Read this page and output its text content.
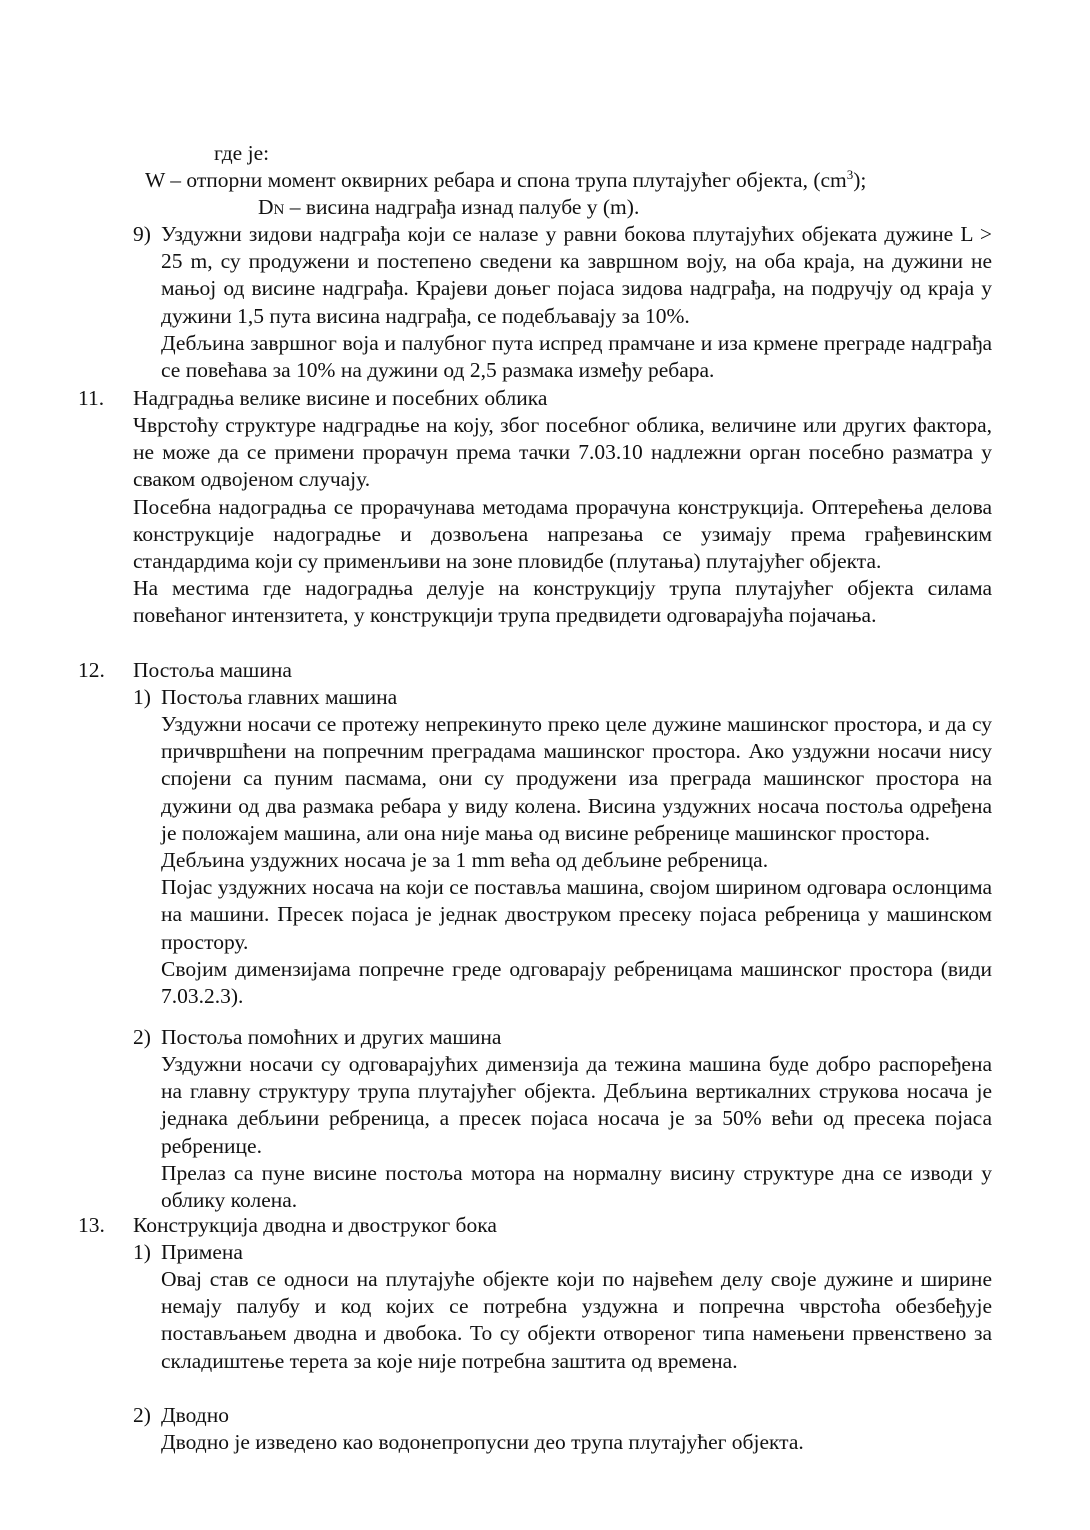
где је:
W – отпорни момент оквирних ребара и спона трупа плутајућег објекта, $(cm^3)$;
DN – висина надграђа изнад палубе у (m).
9) Уздужни зидови надграђа који се налазе у равни бокова плутајућих објеката дужине L > 25 m, су продужени и постепено сведени ка завршном воју, на оба краја, на дужини не мањој од висине надграђа. Крајеви доњег појаса зидова надграђа, на подручју од краја у дужини 1,5 пута висина надграђа, се подебљавају за 10%.

Дебљина завршног воја и палубног пута испред прамчане и иза крмене преграде надграђа се повећава за 10% на дужини од 2,5 размака између ребара.

11. Надградња велике висине и посебних облика

Чврстоћу структуре надградње на коју, због посебног облика, величине или других фактора, не може да се примени прорачун према тачки 7.03.10 надлежни орган посебно разматра у сваком одвојеном случају.

Посебна надоградња се прорачунава методама прорачуна конструкција. Оптерећења делова конструкције надоградње и дозвољена напрезања се узимају према грађевинским стандардима који су применљиви на зоне пловидбе (плутања) плутајућег објекта.

На местима где надоградња делује на конструкцију трупа плутајућег објекта силама повећаног интензитета, у конструкцији трупа предвидети одговарајућа појачања.

12. Постоља машина
1) Постоља главних машина

Уздужни носачи се протежу непрекинуто преко целе дужине машинског простора, и да су причвршћени на попречним преградама машинског простора. Ако уздужни носачи нису спојени са пуним пасмама, они су продужени иза преграда машинског простора на дужини од два размака ребара у виду колена. Висина уздужних носача постоља одређена је положајем машина, али она није мања од висине ребренице машинског простора.

Дебљина уздужних носача је за 1 mm већа од дебљине ребреница.

Појас уздужних носача на који се поставља машина, својом ширином одговара ослонцима на машини. Пресек појаса је једнак двоструком пресеку појаса ребреница у машинском простору.

Својим димензијама попречне греде одговарају ребреницама машинског простора (види 7.03.2.3).

2) Постоља помоћних и других машина

Уздужни носачи су одговарајућих димензија да тежина машина буде добро распоређена на главну структуру трупа плутајућег објекта. Дебљина вертикалних струкова носача је једнака дебљини ребреница, а пресек појаса носача је за 50% већи од пресека појаса ребренице.

Прелаз са пуне висине постоља мотора на нормалну висину структуре дна се изводи у облику колена.

13. Конструкција дводна и двоструког бока
1) Примена

Овај став се односи на плутајуће објекте који по највећем делу своје дужине и ширине немају палубу и код којих се потребна уздужна и попречна чврстоћа обезбеђује постављањем дводна и двобока. То су објекти отвореног типа намењени првенствено за складиштење терета за које није потребна заштита од времена.

2) Дводно

Дводно је изведено као водонепропусни део трупа плутајућег објекта.
